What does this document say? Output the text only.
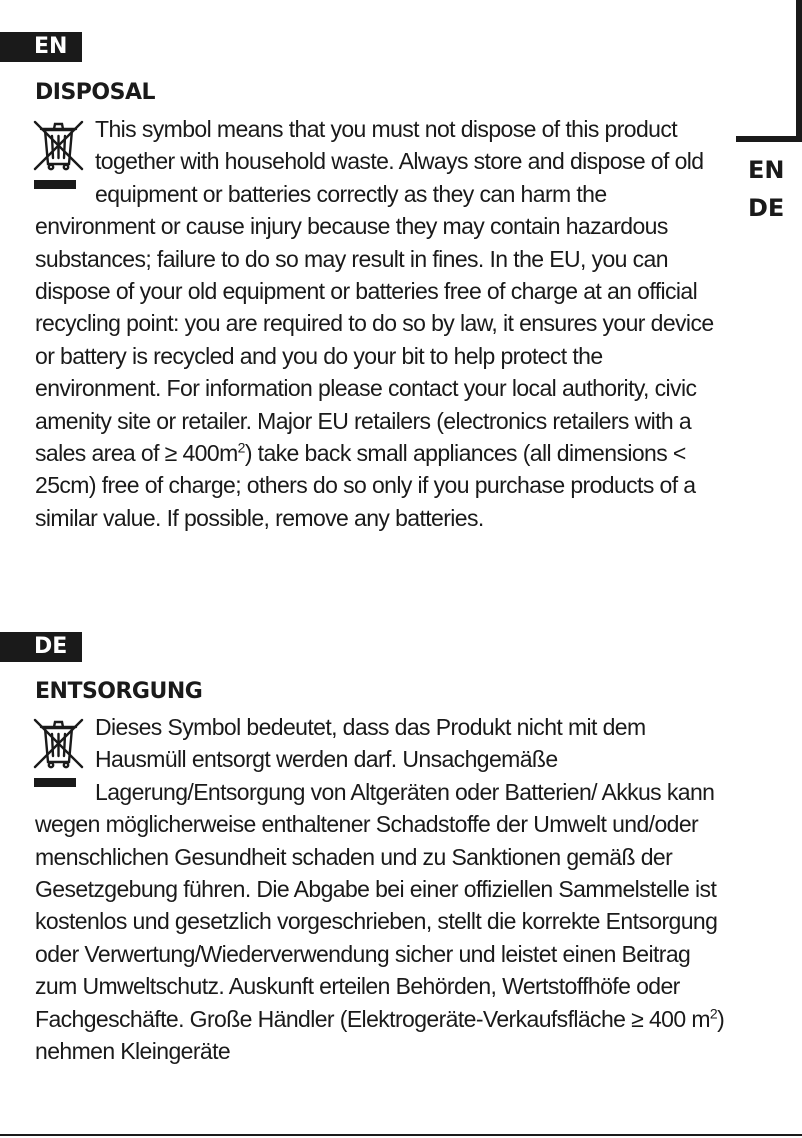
EN
DE
EN
DISPOSAL

This symbol means that you must not dispose of this product together with household waste. Always store and dispose of old equipment or batteries correctly as they can harm the environment or cause injury because they may contain hazardous substances; failure to do so may result in fines. In the EU, you can dispose of your old equipment or batteries free of charge at an official recycling point: you are required to do so by law, it ensures your device or battery is recycled and you do your bit to help protect the environment. For information please contact your local authority, civic amenity site or retailer. Major EU retailers (electronics retailers with a sales area of ≥ $400m^2$) take back small appliances (all dimensions < 25cm) free of charge; others do so only if you purchase products of a similar value. If possible, remove any batteries.

DE
ENTSORGUNG

Dieses Symbol bedeutet, dass das Produkt nicht mit dem Hausmüll entsorgt werden darf. Unsachgemäße Lagerung/Entsorgung von Altgeräten oder Batterien/ Akkus kann wegen möglicherweise enthaltener Schadstoffe der Umwelt und/oder menschlichen Gesundheit schaden und zu Sanktionen gemäß der Gesetzgebung führen. Die Abgabe bei einer offiziellen Sammelstelle ist kostenlos und gesetzlich vorgeschrieben, stellt die korrekte Entsorgung oder Verwertung/Wiederverwendung sicher und leistet einen Beitrag zum Umweltschutz. Auskunft erteilen Behörden, Wertstoffhöfe oder Fachgeschäfte. Große Händler (Elektrogeräte-Verkaufsfläche ≥ 400 $m^2$) nehmen Kleingeräte
